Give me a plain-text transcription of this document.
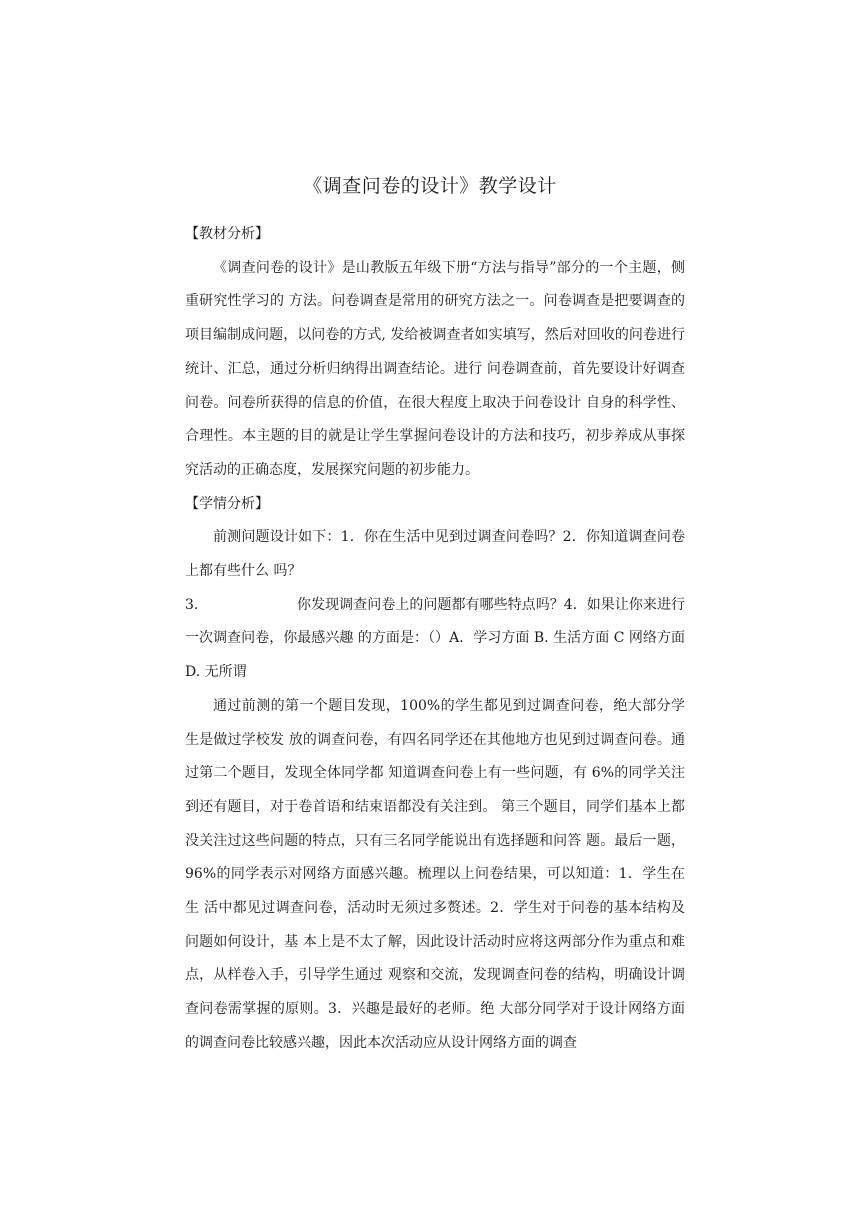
《调查问卷的设计》教学设计

【教材分析】

《调查问卷的设计》是山教版五年级下册“方法与指导”部分的一个主题，侧重研究性学习的 方法。问卷调查是常用的研究方法之一。问卷调查是把要调查的项目编制成问题，以问卷的方式, 发给被调查者如实填写，然后对回收的问卷进行统计、汇总，通过分析归纳得出调查结论。进行 问卷调查前，首先要设计好调查问卷。问卷所获得的信息的价值，在很大程度上取决于问卷设计 自身的科学性、合理性。本主题的目的就是让学生掌握问卷设计的方法和技巧，初步养成从事探 究活动的正确态度，发展探究问题的初步能力。

【学情分析】

前测问题设计如下：1．你在生活中见到过调查问卷吗？2．你知道调查问卷上都有些什么 吗？

3.	你发现调查问卷上的问题都有哪些特点吗？4．如果让你来进行一次调查问卷，你最感兴趣 的方面是：（）A．学习方面 B. 生活方面 C 网络方面 D. 无所谓

通过前测的第一个题目发现，100%的学生都见到过调查问卷，绝大部分学生是做过学校发 放的调查问卷，有四名同学还在其他地方也见到过调查问卷。通过第二个题目，发现全体同学都 知道调查问卷上有一些问题，有 6%的同学关注到还有题目，对于卷首语和结束语都没有关注到。 第三个题目，同学们基本上都没关注过这些问题的特点，只有三名同学能说出有选择题和问答 题。最后一题，96%的同学表示对网络方面感兴趣。梳理以上问卷结果，可以知道：1．学生在生 活中都见过调查问卷，活动时无须过多赘述。2．学生对于问卷的基本结构及问题如何设计，基 本上是不太了解，因此设计活动时应将这两部分作为重点和难点，从样卷入手，引导学生通过 观察和交流，发现调查问卷的结构，明确设计调查问卷需掌握的原则。3．兴趣是最好的老师。绝 大部分同学对于设计网络方面的调查问卷比较感兴趣，因此本次活动应从设计网络方面的调查
